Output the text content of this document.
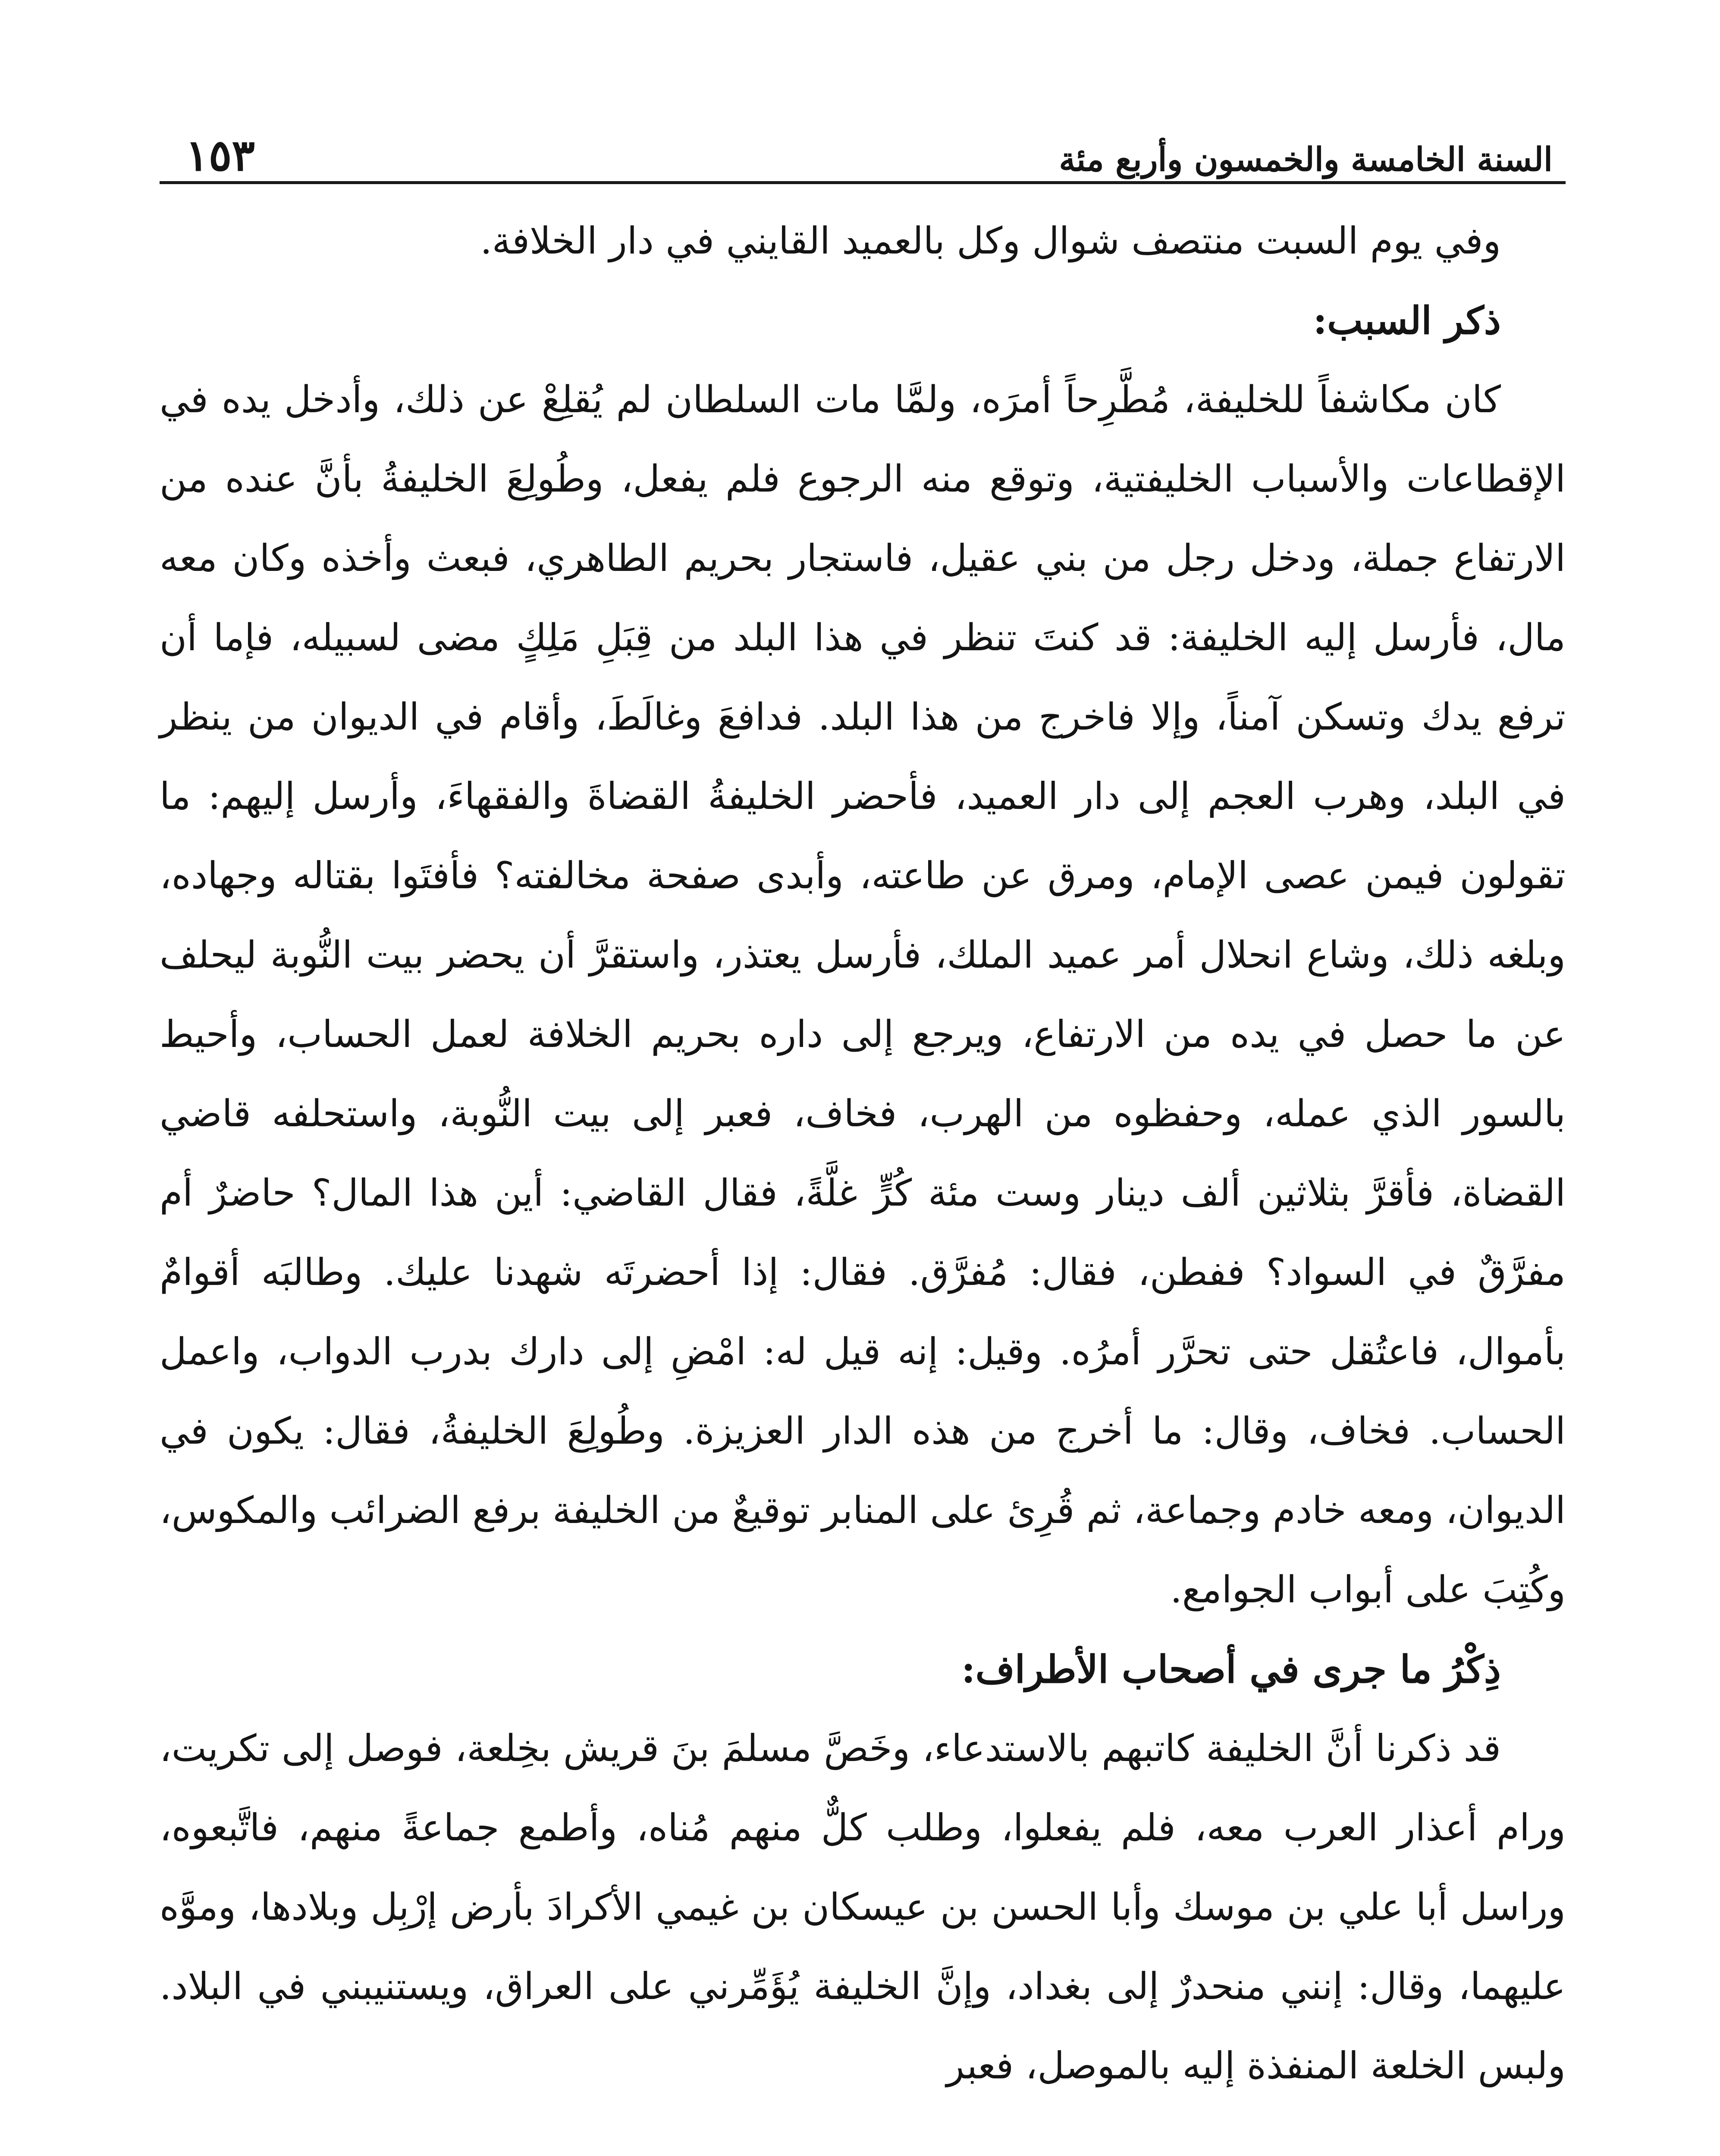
السنة الخامسة والخمسون وأربع مئة
١٥٣

وفي يوم السبت منتصف شوال وكل بالعميد القايني في دار الخلافة.

ذكر السبب:

كان مكاشفاً للخليفة، مُطَّرِحاً أمرَه، ولمَّا مات السلطان لم يُقلِعْ عن ذلك، وأدخل يده في الإقطاعات والأسباب الخليفتية، وتوقع منه الرجوع فلم يفعل، وطُولِعَ الخليفةُ بأنَّ عنده من الارتفاع جملة، ودخل رجل من بني عقيل، فاستجار بحريم الطاهري، فبعث وأخذه وكان معه مال، فأرسل إليه الخليفة: قد كنتَ تنظر في هذا البلد من قِبَلِ مَلِكٍ مضى لسبيله، فإما أن ترفع يدك وتسكن آمناً، وإلا فاخرج من هذا البلد. فدافعَ وغالَطَ، وأقام في الديوان من ينظر في البلد، وهرب العجم إلى دار العميد، فأحضر الخليفةُ القضاةَ والفقهاءَ، وأرسل إليهم: ما تقولون فيمن عصى الإمام، ومرق عن طاعته، وأبدى صفحة مخالفته؟ فأفتَوا بقتاله وجهاده، وبلغه ذلك، وشاع انحلال أمر عميد الملك، فأرسل يعتذر، واستقرَّ أن يحضر بيت النُّوبة ليحلف عن ما حصل في يده من الارتفاع، ويرجع إلى داره بحريم الخلافة لعمل الحساب، وأحيط بالسور الذي عمله، وحفظوه من الهرب، فخاف، فعبر إلى بيت النُّوبة، واستحلفه قاضي القضاة، فأقرَّ بثلاثين ألف دينار وست مئة كُرٍّ غلَّةً، فقال القاضي: أين هذا المال؟ حاضرٌ أم مفرَّقٌ في السواد؟ ففطن، فقال: مُفرَّق. فقال: إذا أحضرتَه شهدنا عليك. وطالبَه أقوامٌ بأموال، فاعتُقل حتى تحرَّر أمرُه. وقيل: إنه قيل له: امْضِ إلى دارك بدرب الدواب، واعمل الحساب. فخاف، وقال: ما أخرج من هذه الدار العزيزة. وطُولِعَ الخليفةُ، فقال: يكون في الديوان، ومعه خادم وجماعة، ثم قُرِئ على المنابر توقيعٌ من الخليفة برفع الضرائب والمكوس، وكُتِبَ على أبواب الجوامع.

ذِكْرُ ما جرى في أصحاب الأطراف:

قد ذكرنا أنَّ الخليفة كاتبهم بالاستدعاء، وخَصَّ مسلمَ بنَ قريش بخِلعة، فوصل إلى تكريت، ورام أعذار العرب معه، فلم يفعلوا، وطلب كلٌّ منهم مُناه، وأطمع جماعةً منهم، فاتَّبعوه، وراسل أبا علي بن موسك وأبا الحسن بن عيسكان بن غيمي الأكرادَ بأرض إرْبِل وبلادها، وموَّه عليهما، وقال: إنني منحدرٌ إلى بغداد، وإنَّ الخليفة يُؤَمِّرني على العراق، ويستنيبني في البلاد. ولبس الخلعة المنفذة إليه بالموصل، فعبر
